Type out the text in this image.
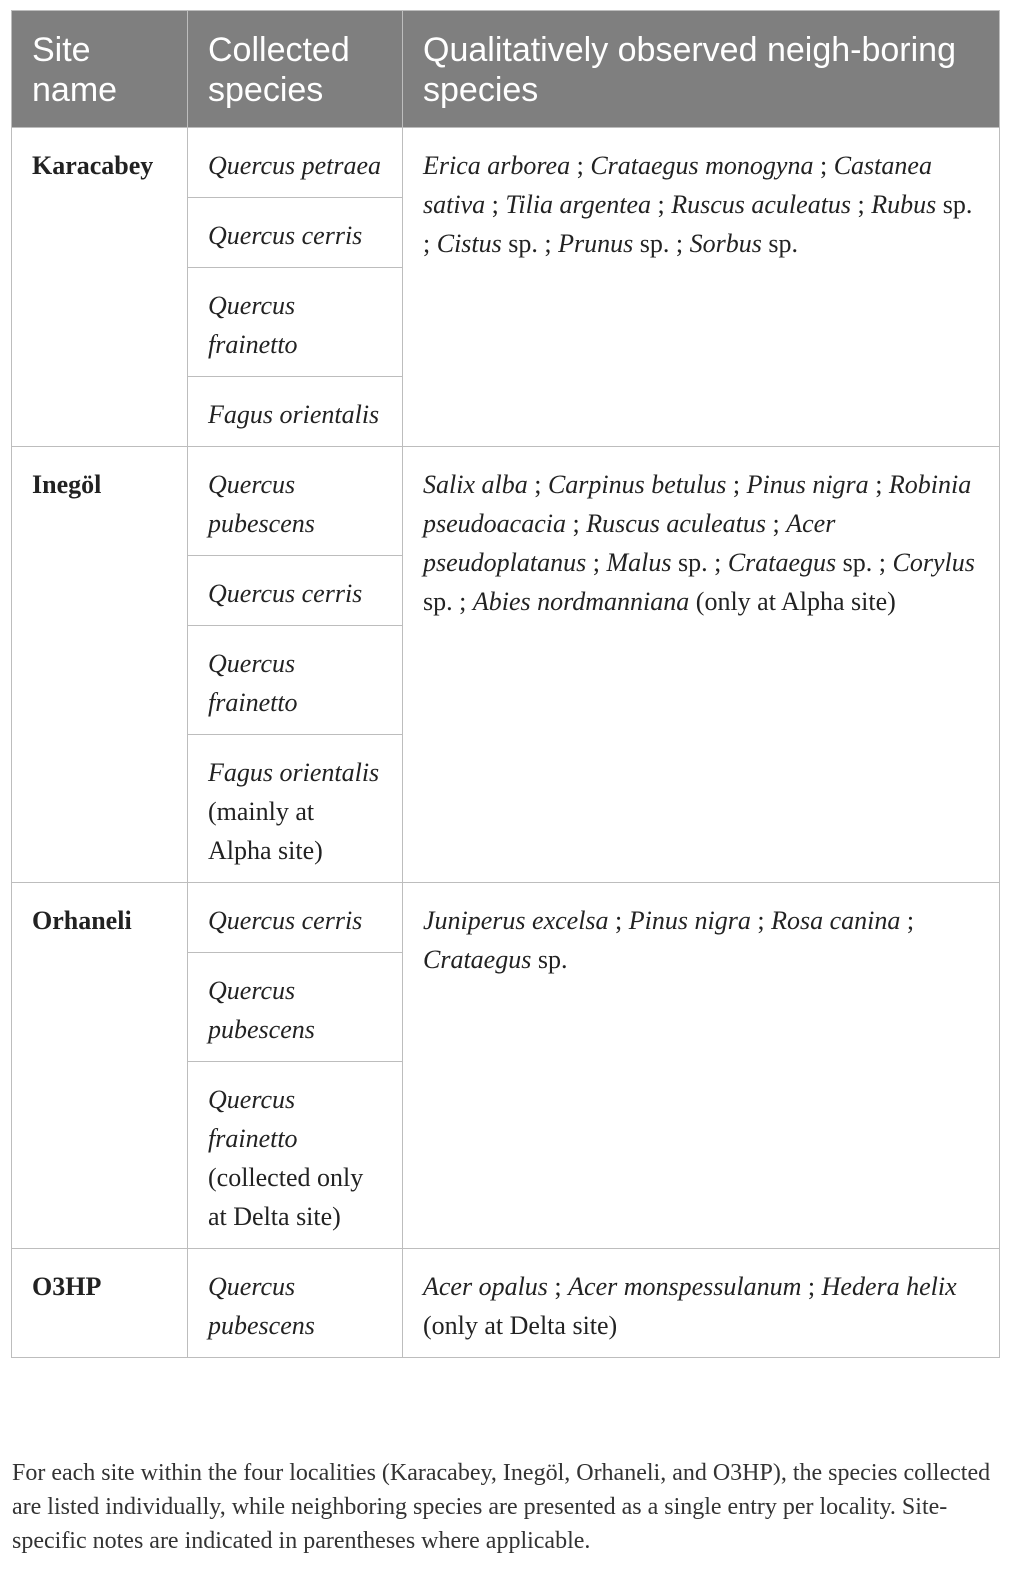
Site name	Collected species	Qualitatively observed neigh-boring species
Karacabey	Quercus petraea	Erica arborea ; Crataegus monogyna ; Castanea sativa ; Tilia argentea ; Ruscus aculeatus ; Rubus sp. ; Cistus sp. ; Prunus sp. ; Sorbus sp.
	Quercus cerris	
	Quercus frainetto	
	Fagus orientalis	
Inegöl	Quercus pubescens	Salix alba ; Carpinus betulus ; Pinus nigra ; Robinia pseudoacacia ; Ruscus aculeatus ; Acer pseudoplatanus ; Malus sp. ; Crataegus sp. ; Corylus sp. ; Abies nordmanniana (only at Alpha site)
	Quercus cerris	
	Quercus frainetto	
	Fagus orientalis (mainly at Alpha site)	
Orhaneli	Quercus cerris	Juniperus excelsa ; Pinus nigra ; Rosa canina ; Crataegus sp.
	Quercus pubescens	
	Quercus frainetto (collected only at Delta site)	
O3HP	Quercus pubescens	Acer opalus ; Acer monspessulanum ; Hedera helix (only at Delta site)
For each site within the four localities (Karacabey, Inegöl, Orhaneli, and O3HP), the species collected are listed individually, while neighboring species are presented as a single entry per locality. Site-specific notes are indicated in parentheses where applicable.
